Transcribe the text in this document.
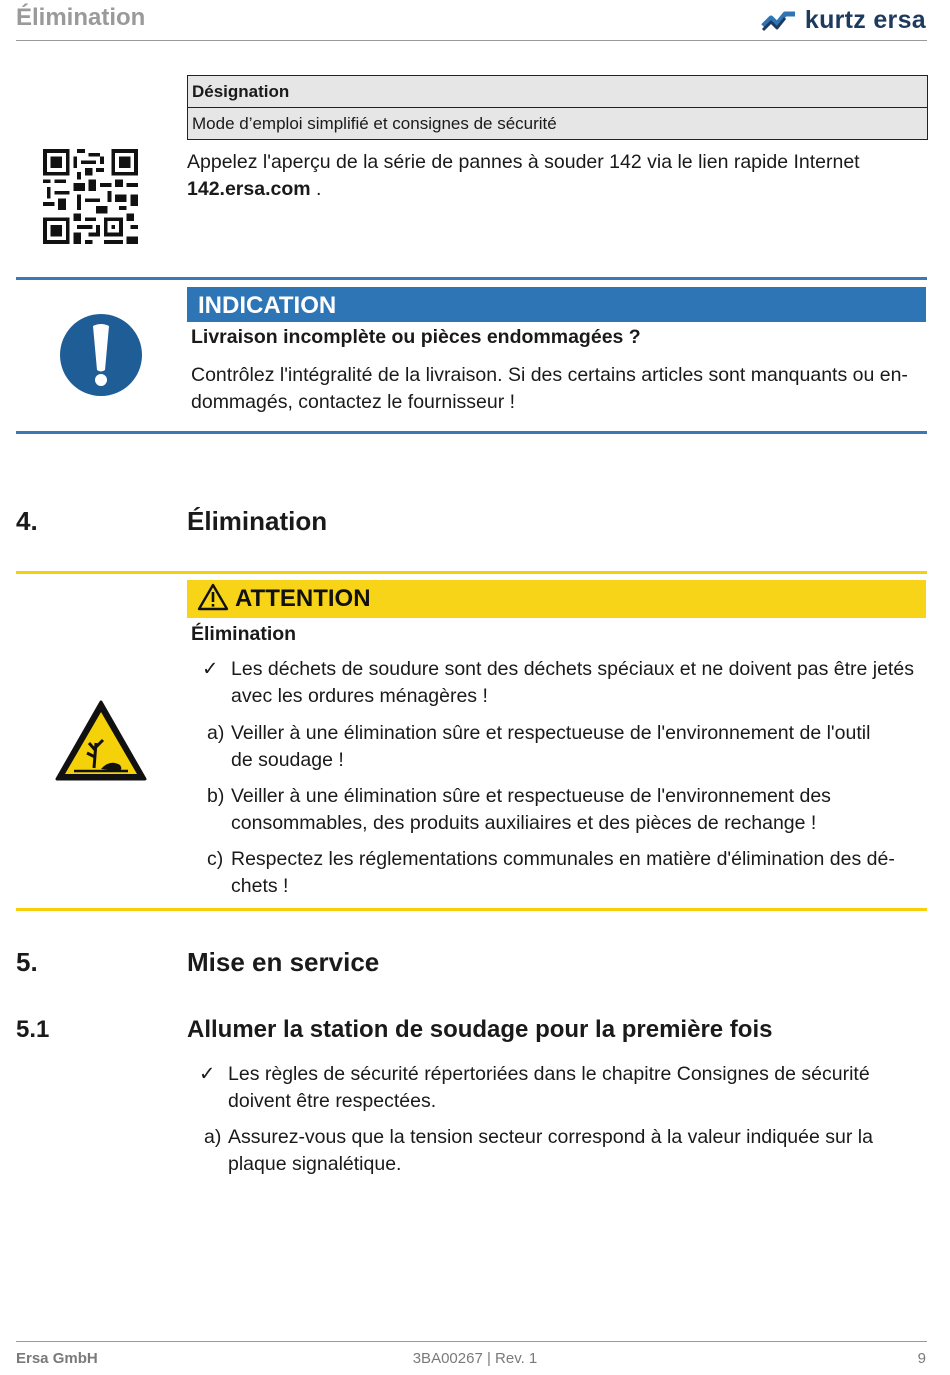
Élimination	kurtz ersa
Désignation
Mode d’emploi simplifié et consignes de sécurité
Appelez l'aperçu de la série de pannes à souder 142 via le lien rapide Internet
142.ersa.com .
INDICATION
Livraison incomplète ou pièces endommagées ?
Contrôlez l'intégralité de la livraison. Si des certains articles sont manquants ou en-
dommagés, contactez le fournisseur !
4.	Élimination
ATTENTION
Élimination
✓ Les déchets de soudure sont des déchets spéciaux et ne doivent pas être jetés
avec les ordures ménagères !
a) Veiller à une élimination sûre et respectueuse de l'environnement de l'outil
de soudage !
b) Veiller à une élimination sûre et respectueuse de l'environnement des
consommables, des produits auxiliaires et des pièces de rechange !
c) Respectez les réglementations communales en matière d'élimination des dé-
chets !
5.	Mise en service
5.1	Allumer la station de soudage pour la première fois
✓ Les règles de sécurité répertoriées dans le chapitre Consignes de sécurité
doivent être respectées.
a) Assurez-vous que la tension secteur correspond à la valeur indiquée sur la
plaque signalétique.
Ersa GmbH	3BA00267 | Rev. 1	9
